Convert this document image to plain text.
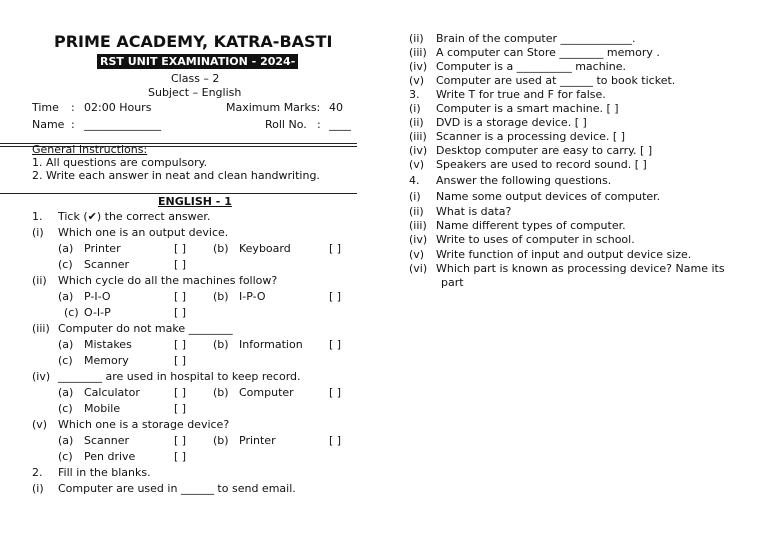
PRIME ACADEMY, KATRA-BASTI
RST UNIT EXAMINATION - 2024-
Class – 2
Subject – English
Time : 02:00 Hours	Maximum Marks: 40
Name : ______________	Roll No. : ____
General Instructions:
1. All questions are compulsory.
2. Write each answer in neat and clean handwriting.
ENGLISH - 1
1. Tick (✔) the correct answer.
(i) Which one is an output device.
(a) Printer	[ ] (b) Keyboard	[ ]
(c) Scanner	[ ]
(ii) Which cycle do all the machines follow?
(a) P-I-O	[ ] (b) I-P-O	[ ]
(c) O-I-P	[ ]
(iii) Computer do not make ________
(a) Mistakes	[ ] (b) Information [ ]
(c) Memory	[ ]
(iv) ________ are used in hospital to keep record.
(a) Calculator	[ ] (b) Computer	[ ]
(c) Mobile	[ ]
(v) Which one is a storage device?
(a) Scanner	[ ] (b) Printer	[ ]
(c) Pen drive	[ ]
2. Fill in the blanks.
(i) Computer are used in ______ to send email.
(ii) Brain of the computer _____________.
(iii) A computer can Store ________ memory .
(iv) Computer is a __________ machine.
(v) Computer are used at ______ to book ticket.
3. Write T for true and F for false.
(i) Computer is a smart machine. [ ]
(ii) DVD is a storage device. [ ]
(iii) Scanner is a processing device. [ ]
(iv) Desktop computer are easy to carry. [ ]
(v) Speakers are used to record sound. [ ]
4. Answer the following questions.
(i) Name some output devices of computer.
(ii) What is data?
(iii) Name different types of computer.
(iv) Write to uses of computer in school.
(v) Write function of input and output device size.
(vi) Which part is known as processing device? Name its
part
